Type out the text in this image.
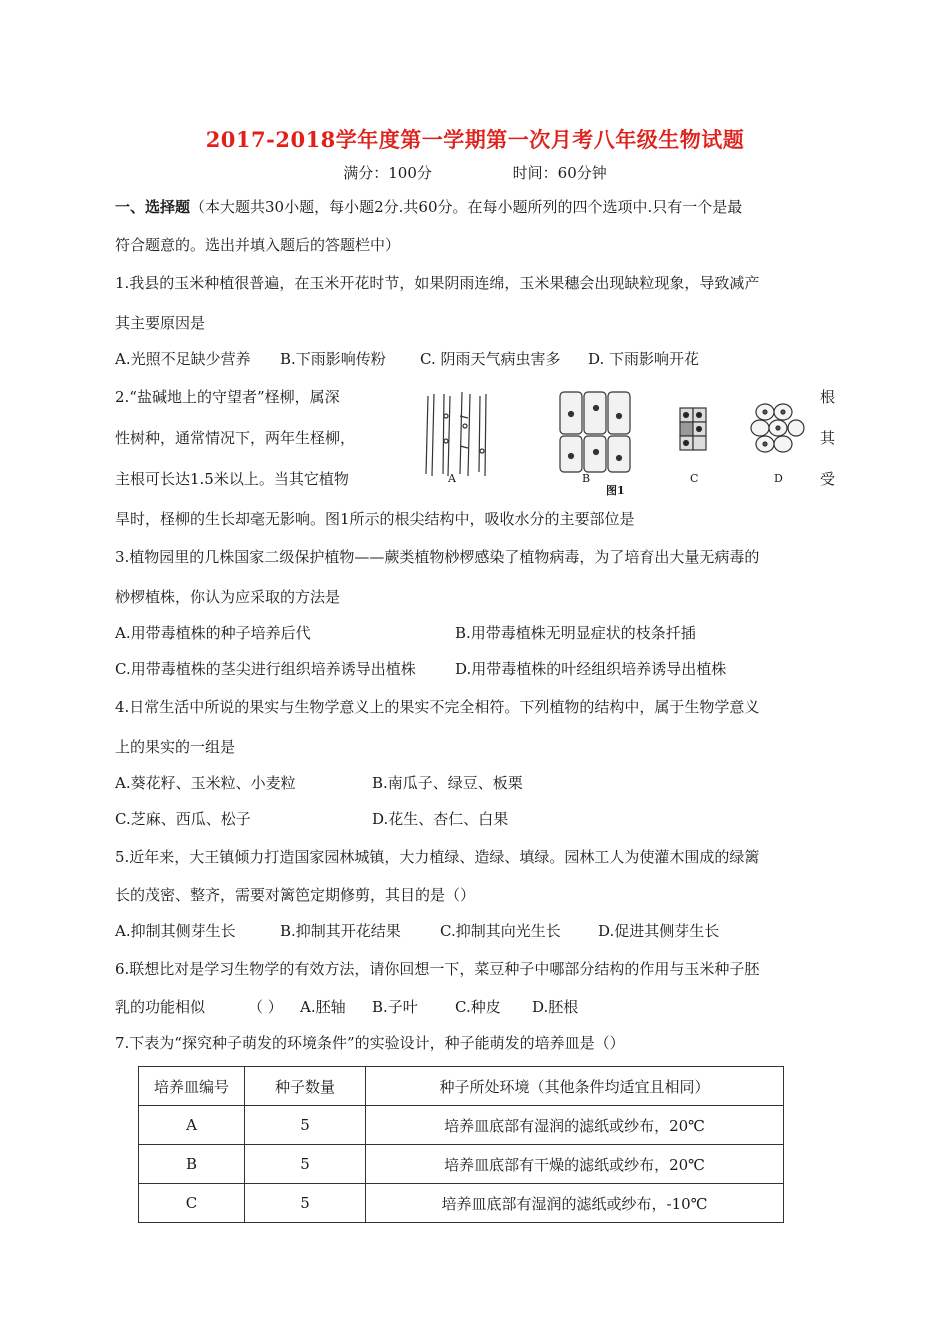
2017-2018学年度第一学期第一次月考八年级生物试题
满分：100分	时间：60分钟
一、选择题（本大题共30小题，每小题2分.共60分。在每小题所列的四个选项中.只有一个是最
符合题意的。选出并填入题后的答题栏中）
1.我县的玉米种植很普遍，在玉米开花时节，如果阴雨连绵，玉米果穗会出现缺粒现象，导致减产
其主要原因是
A.光照不足缺少营养 B.下雨影响传粉 C. 阴雨天气病虫害多 D. 下雨影响开花
2.“盐碱地上的守望者”柽柳，属深	根
性树种，通常情况下，两年生柽柳，	其
主根可长达1.5米以上。当其它植物	受
旱时，柽柳的生长却毫无影响。图1所示的根尖结构中，吸收水分的主要部位是
A	B
图1
C	D
3.植物园里的几株国家二级保护植物——蕨类植物桫椤感染了植物病毒，为了培育出大量无病毒的
桫椤植株，你认为应采取的方法是
A.用带毒植株的种子培养后代	B.用带毒植株无明显症状的枝条扦插
C.用带毒植株的茎尖进行组织培养诱导出植株	D.用带毒植株的叶经组织培养诱导出植株
4.日常生活中所说的果实与生物学意义上的果实不完全相符。下列植物的结构中，属于生物学意义
上的果实的一组是
A.葵花籽、玉米粒、小麦粒	B.南瓜子、绿豆、板栗
C.芝麻、西瓜、松子	D.花生、杏仁、白果
5.近年来，大王镇倾力打造国家园林城镇，大力植绿、造绿、填绿。园林工人为使灌木围成的绿篱
长的茂密、整齐，需要对篱笆定期修剪，其目的是（）
A.抑制其侧芽生长	B.抑制其开花结果	C.抑制其向光生长 D.促进其侧芽生长
6.联想比对是学习生物学的有效方法，请你回想一下，菜豆种子中哪部分结构的作用与玉米种子胚
乳的功能相似	（ ） A.胚轴 B.子叶 C.种皮 D.胚根
7.下表为“探究种子萌发的环境条件”的实验设计，种子能萌发的培养皿是（）
培养皿编号	种子数量	种子所处环境（其他条件均适宜且相同）
A	5	培养皿底部有湿润的滤纸或纱布，20℃
B	5	培养皿底部有干燥的滤纸或纱布，20℃
C	5	培养皿底部有湿润的滤纸或纱布，-10℃
